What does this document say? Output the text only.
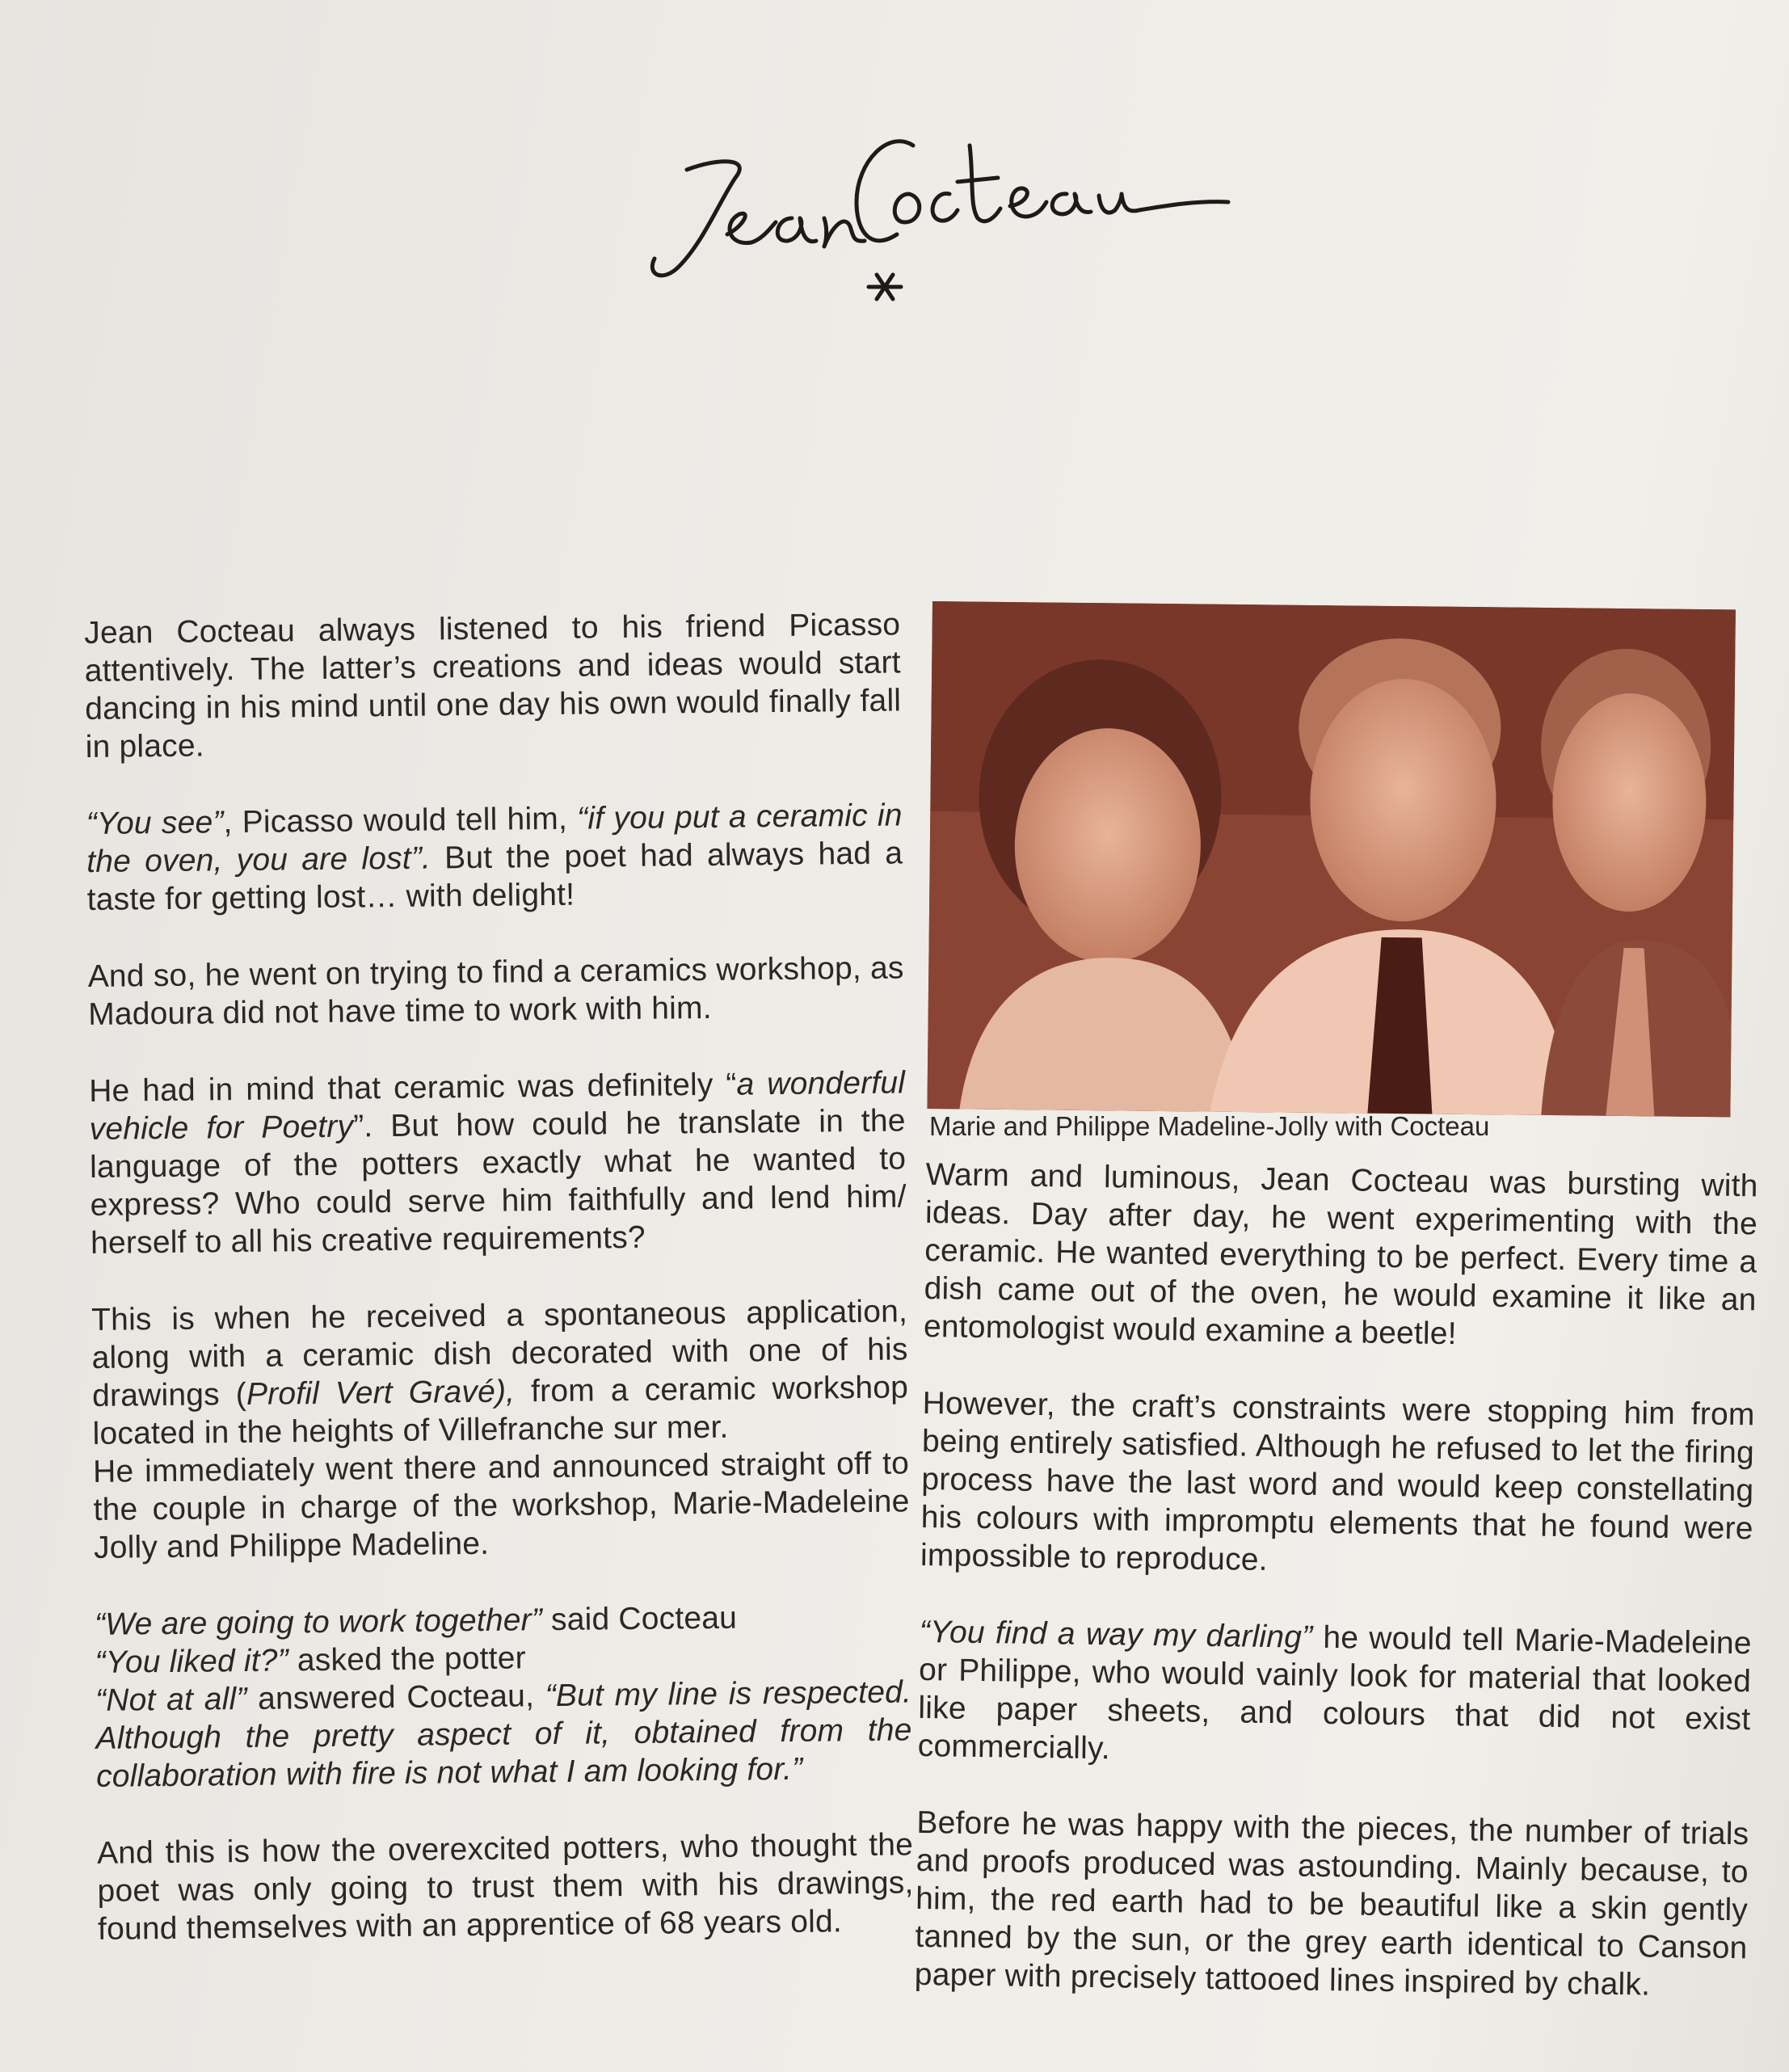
Jean Cocteau always listened to his friend Picasso attentively. The latter’s creations and ideas would start dancing in his mind until one day his own would finally fall in place.

“You see”, Picasso would tell him, “if you put a ceramic in the oven, you are lost”. But the poet had always had a taste for getting lost… with delight!

And so, he went on trying to find a ceramics workshop, as Madoura did not have time to work with him.

He had in mind that ceramic was definitely “a wonderful vehicle for Poetry”. But how could he translate in the language of the potters exactly what he wanted to express? Who could serve him faithfully and lend him/ herself to all his creative requirements?

This is when he received a spontaneous application, along with a ceramic dish decorated with one of his drawings (Profil Vert Gravé), from a ceramic workshop located in the heights of Villefranche sur mer.

He immediately went there and announced straight off to the couple in charge of the workshop, Marie-Madeleine Jolly and Philippe Madeline.

“We are going to work together” said Cocteau

“You liked it?” asked the potter

“Not at all” answered Cocteau, “But my line is respected. Although the pretty aspect of it, obtained from the collaboration with fire is not what I am looking for.”

And this is how the overexcited potters, who thought the poet was only going to trust them with his drawings, found themselves with an apprentice of 68 years old.

Marie and Philippe Madeline-Jolly with Cocteau

Warm and luminous, Jean Cocteau was bursting with ideas. Day after day, he went experimenting with the ceramic. He wanted everything to be perfect. Every time a dish came out of the oven, he would examine it like an entomologist would examine a beetle!

However, the craft’s constraints were stopping him from being entirely satisfied. Although he refused to let the firing process have the last word and would keep constellating his colours with impromptu elements that he found were impossible to reproduce.

“You find a way my darling” he would tell Marie-Madeleine or Philippe, who would vainly look for material that looked like paper sheets, and colours that did not exist commercially.

Before he was happy with the pieces, the number of trials and proofs produced was astounding. Mainly because, to him, the red earth had to be beautiful like a skin gently tanned by the sun, or the grey earth identical to Canson paper with precisely tattooed lines inspired by chalk.
